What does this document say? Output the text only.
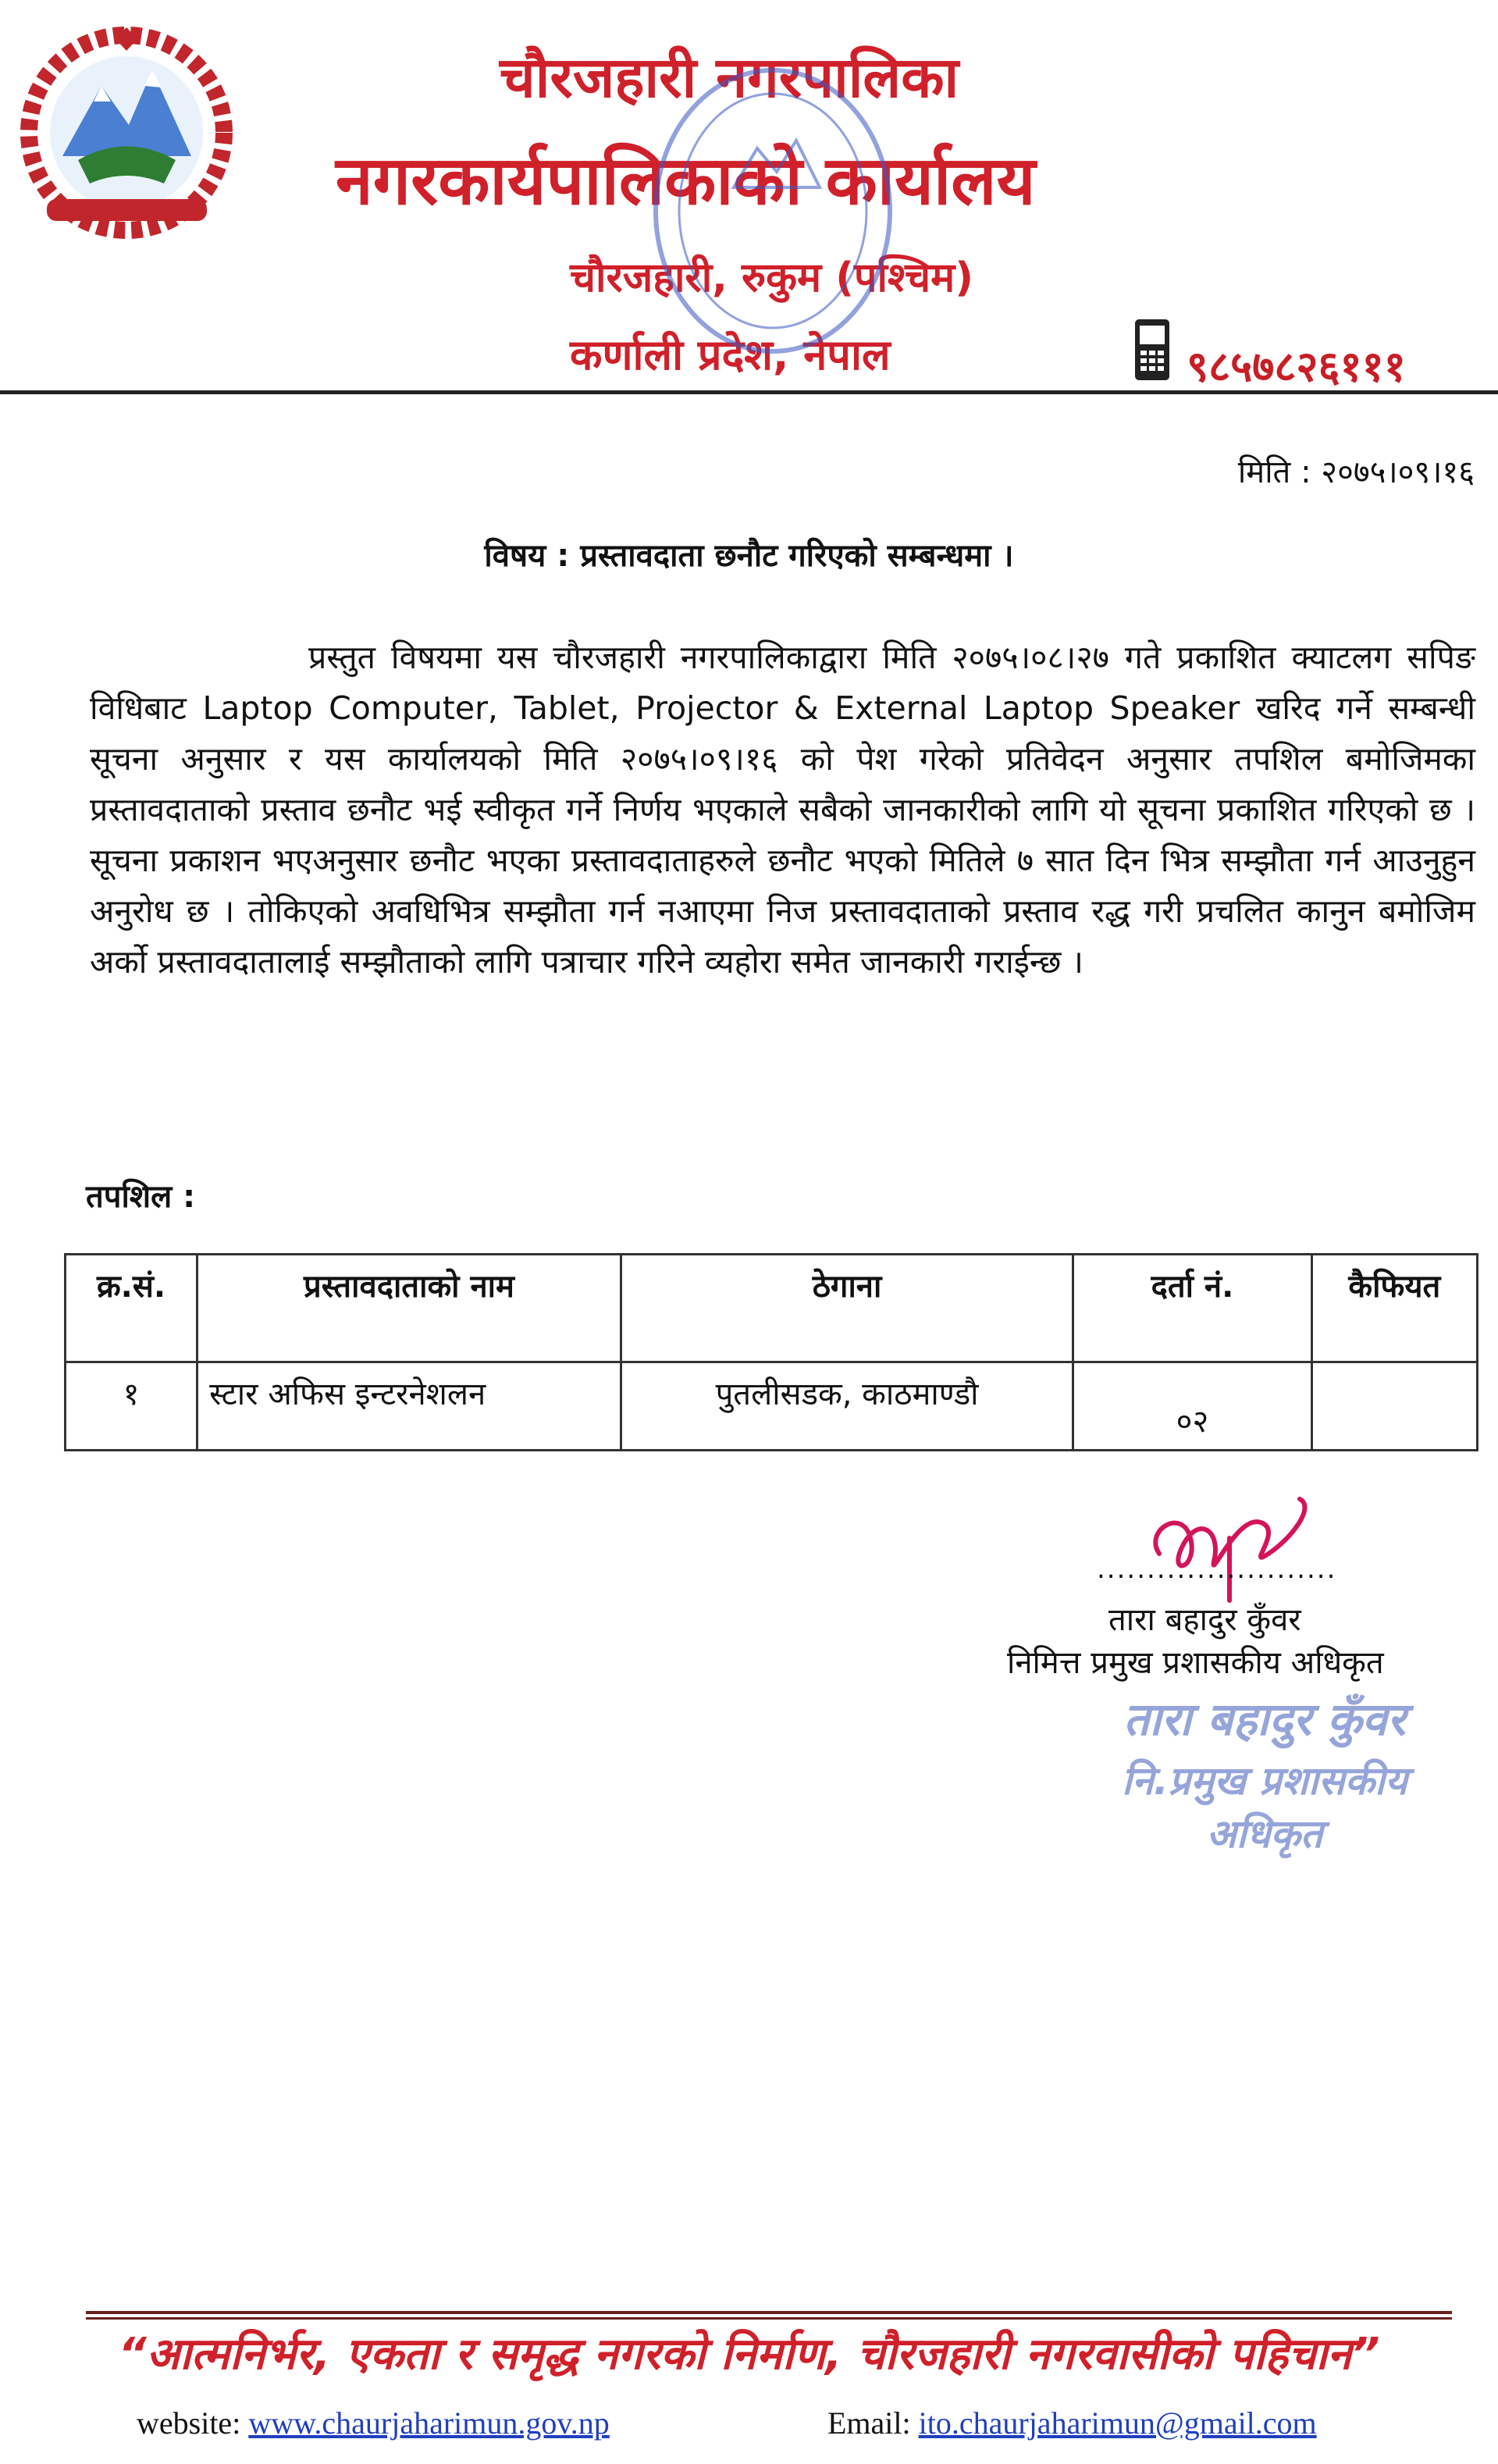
चौरजहारी नगरपालिका
नगरकार्यपालिकाको कार्यालय
चौरजहारी, रुकुम (पश्चिम)
कर्णाली प्रदेश, नेपाल	९८५७८२६१११
मिति : २०७५।०९।१६
विषय : प्रस्तावदाता छनौट गरिएको सम्बन्धमा ।
प्रस्तुत विषयमा यस चौरजहारी नगरपालिकाद्वारा मिति २०७५।०८।२७ गते प्रकाशित क्याटलग सपिङ विधिबाट Laptop Computer, Tablet, Projector & External Laptop Speaker खरिद गर्ने सम्बन्धी सूचना अनुसार र यस कार्यालयको मिति २०७५।०९।१६ को पेश गरेको प्रतिवेदन अनुसार तपशिल बमोजिमका प्रस्तावदाताको प्रस्ताव छनौट भई स्वीकृत गर्ने निर्णय भएकाले सबैको जानकारीको लागि यो सूचना प्रकाशित गरिएको छ । सूचना प्रकाशन भएअनुसार छनौट भएका प्रस्तावदाताहरुले छनौट भएको मितिले ७ सात दिन भित्र सम्झौता गर्न आउनुहुन अनुरोध छ । तोकिएको अवधिभित्र सम्झौता गर्न नआएमा निज प्रस्तावदाताको प्रस्ताव रद्ध गरी प्रचलित कानुन बमोजिम अर्को प्रस्तावदातालाई सम्झौताको लागि पत्राचार गरिने व्यहोरा समेत जानकारी गराईन्छ ।
तपशिल :
क्र.सं.	प्रस्तावदाताको नाम	ठेगाना	दर्ता नं.	कैफियत
१	स्टार अफिस इन्टरनेशलन	पुतलीसडक, काठमाण्डौ	०२	
........................
तारा बहादुर कुँवर
निमित्त प्रमुख प्रशासकीय अधिकृत
तारा बहादुर कुँवर
नि.प्रमुख प्रशासकीय अधिकृत
“आत्मनिर्भर, एकता र समृद्ध नगरको निर्माण, चौरजहारी नगरवासीको पहिचान”
website: www.chaurjaharimun.gov.np	Email: ito.chaurjaharimun@gmail.com
